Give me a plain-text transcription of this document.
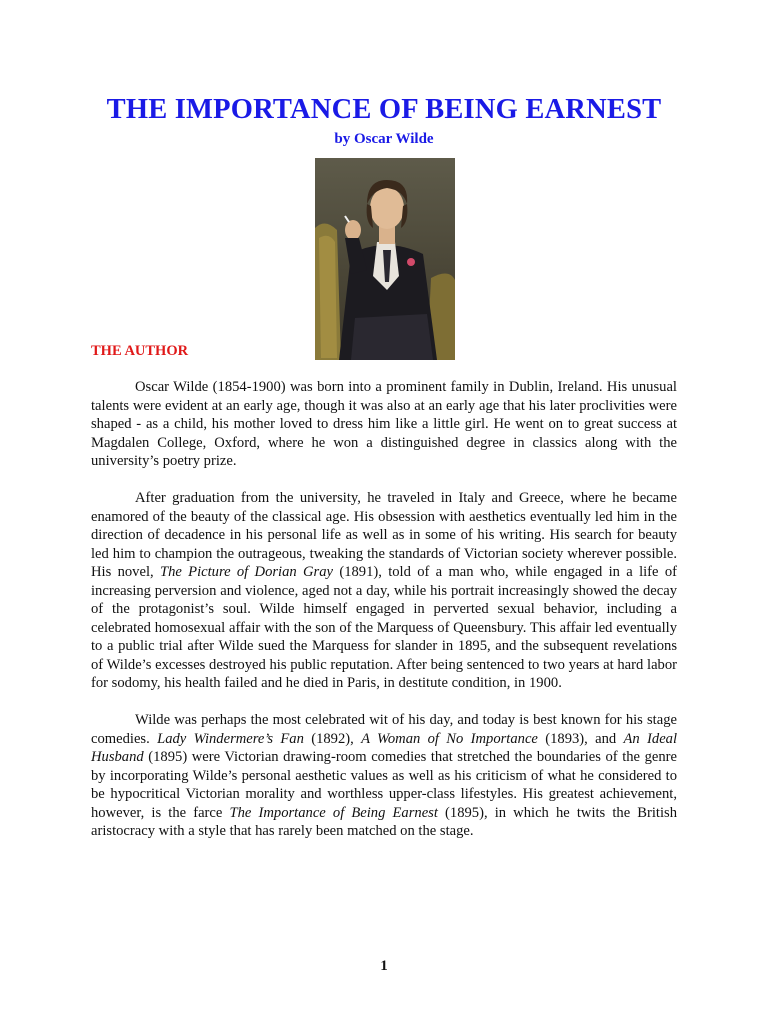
THE IMPORTANCE OF BEING EARNEST
by Oscar Wilde
THE AUTHOR
Oscar Wilde (1854-1900) was born into a prominent family in Dublin, Ireland. His unusual
talents were evident at an early age, though it was also at an early age that his later proclivities were
shaped - as a child, his mother loved to dress him like a little girl. He went on to great success at
Magdalen College, Oxford, where he won a distinguished degree in classics along with the
university’s poetry prize.
After graduation from the university, he traveled in Italy and Greece, where he became
enamored of the beauty of the classical age. His obsession with aesthetics eventually led him in the
direction of decadence in his personal life as well as in some of his writing. His search for beauty
led him to champion the outrageous, tweaking the standards of Victorian society wherever possible.
His novel, The Picture of Dorian Gray (1891), told of a man who, while engaged in a life of
increasing perversion and violence, aged not a day, while his portrait increasingly showed the decay
of the protagonist’s soul. Wilde himself engaged in perverted sexual behavior, including a
celebrated homosexual affair with the son of the Marquess of Queensbury. This affair led eventually
to a public trial after Wilde sued the Marquess for slander in 1895, and the subsequent revelations
of Wilde’s excesses destroyed his public reputation. After being sentenced to two years at hard labor
for sodomy, his health failed and he died in Paris, in destitute condition, in 1900.
Wilde was perhaps the most celebrated wit of his day, and today is best known for his stage
comedies. Lady Windermere’s Fan (1892), A Woman of No Importance (1893), and An Ideal
Husband (1895) were Victorian drawing-room comedies that stretched the boundaries of the genre
by incorporating Wilde’s personal aesthetic values as well as his criticism of what he considered to
be hypocritical Victorian morality and worthless upper-class lifestyles. His greatest achievement,
however, is the farce The Importance of Being Earnest (1895), in which he twits the British
aristocracy with a style that has rarely been matched on the stage.
1
